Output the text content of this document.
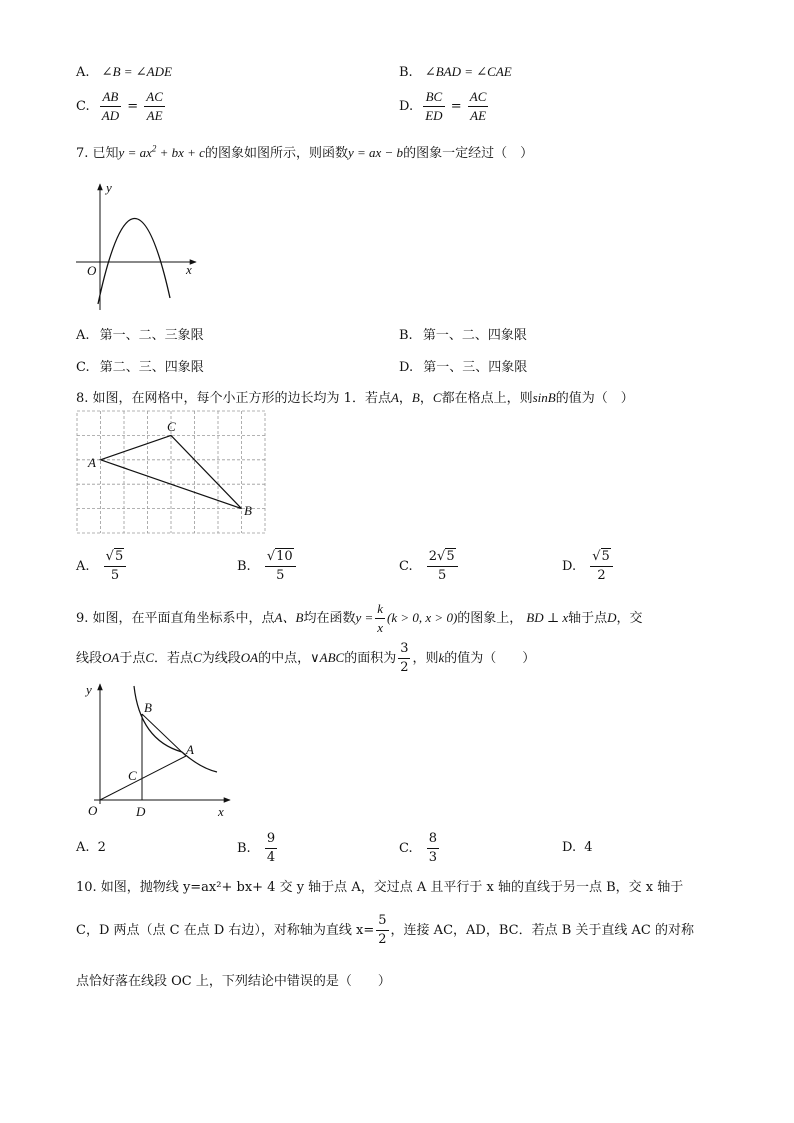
A. ∠B = ∠ADE	B. ∠BAD = ∠CAE
C. $\frac{AB}{AD} = \frac{AC}{AE}$	D. $\frac{BC}{ED} = \frac{AC}{AE}$
7. 已知$y = ax^2$ + bx + c的图象如图所示，则函数y = ax − b的图象一定经过（　）
y
x
O
A. 第一、二、三象限	B. 第一、二、四象限
C. 第二、三、四象限	D. 第一、三、四象限
8. 如图，在网格中，每个小正方形的边长均为 1．若点A，B，C都在格点上，则sinB的值为（　）
A
C
B
A. $\frac{√5}{5}$	B. $\frac{√10}{5}$	C. $\frac{2√5}{5}$	D. $\frac{√5}{2}$
9. 如图，在平面直角坐标系中，点A、B均在函数$y = \frac{k}{x} (k > 0$, x > 0)的图象上， BD ⊥ x轴于点D，交
线段OA于点C．若点C为线段OA的中点，∨ABC的面积为 $\frac{3}{2}$ ，则k的值为（　　）
y
x
O	D
C
B
A
A. 2	B. $\frac{9}{4}$	C. $\frac{8}{3}$	D. 4
10. 如图，抛物线 y=ax²+ bx+ 4 交 y 轴于点 A，交过点 A 且平行于 x 轴的直线于另一点 B，交 x 轴于
C，D 两点（点 C 在点 D 右边），对称轴为直线 $x= \frac{5}{2}$ ，连接 AC，AD，BC．若点 B 关于直线 AC 的对称
点恰好落在线段 OC 上，下列结论中错误的是（　　）
